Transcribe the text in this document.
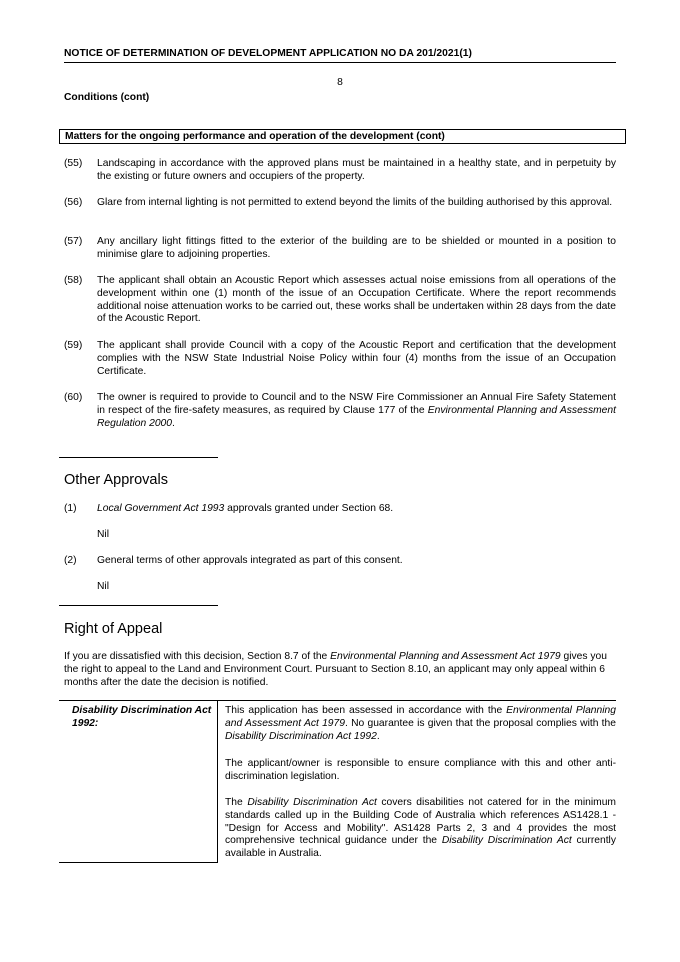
NOTICE OF DETERMINATION OF DEVELOPMENT APPLICATION NO DA 201/2021(1)
8
Conditions (cont)
Matters for the ongoing performance and operation of the development (cont)
(55) Landscaping in accordance with the approved plans must be maintained in a healthy state, and in perpetuity by the existing or future owners and occupiers of the property.
(56) Glare from internal lighting is not permitted to extend beyond the limits of the building authorised by this approval.
(57) Any ancillary light fittings fitted to the exterior of the building are to be shielded or mounted in a position to minimise glare to adjoining properties.
(58) The applicant shall obtain an Acoustic Report which assesses actual noise emissions from all operations of the development within one (1) month of the issue of an Occupation Certificate. Where the report recommends additional noise attenuation works to be carried out, these works shall be undertaken within 28 days from the date of the Acoustic Report.
(59) The applicant shall provide Council with a copy of the Acoustic Report and certification that the development complies with the NSW State Industrial Noise Policy within four (4) months from the issue of an Occupation Certificate.
(60) The owner is required to provide to Council and to the NSW Fire Commissioner an Annual Fire Safety Statement in respect of the fire-safety measures, as required by Clause 177 of the Environmental Planning and Assessment Regulation 2000.
Other Approvals
(1) Local Government Act 1993 approvals granted under Section 68.
Nil
(2) General terms of other approvals integrated as part of this consent.
Nil
Right of Appeal
If you are dissatisfied with this decision, Section 8.7 of the Environmental Planning and Assessment Act 1979 gives you the right to appeal to the Land and Environment Court. Pursuant to Section 8.10, an applicant may only appeal within 6 months after the date the decision is notified.
Disability Discrimination Act 1992:
This application has been assessed in accordance with the Environmental Planning and Assessment Act 1979. No guarantee is given that the proposal complies with the Disability Discrimination Act 1992.
The applicant/owner is responsible to ensure compliance with this and other anti-discrimination legislation.
The Disability Discrimination Act covers disabilities not catered for in the minimum standards called up in the Building Code of Australia which references AS1428.1 - "Design for Access and Mobility". AS1428 Parts 2, 3 and 4 provides the most comprehensive technical guidance under the Disability Discrimination Act currently available in Australia.
